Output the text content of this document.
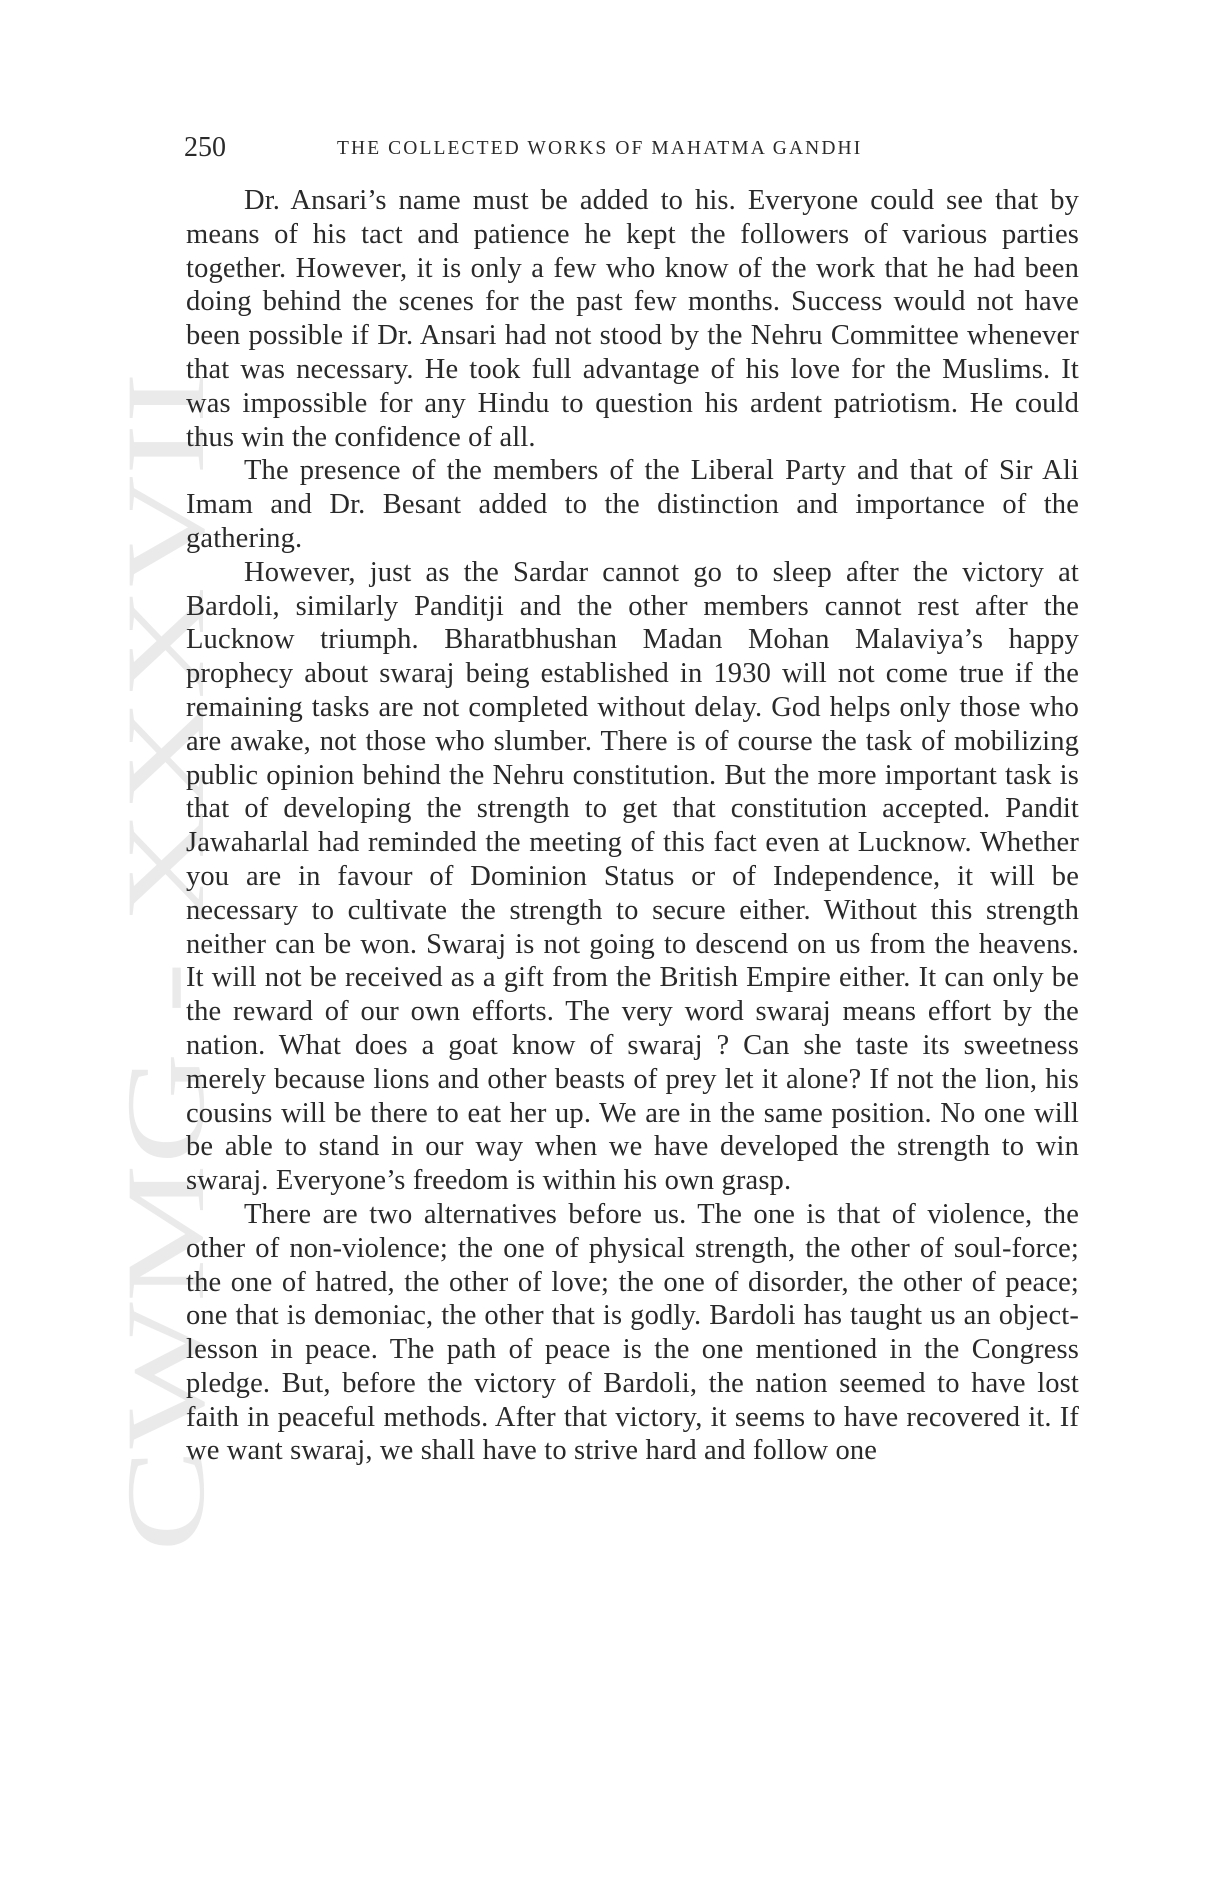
CWMG - XXXVII
250	THE COLLECTED WORKS OF MAHATMA GANDHI

Dr. Ansari’s name must be added to his. Everyone could see that by means of his tact and patience he kept the followers of various parties together. However, it is only a few who know of the work that he had been doing behind the scenes for the past few months. Success would not have been possible if Dr. Ansari had not stood by the Nehru Committee whenever that was necessary. He took full advantage of his love for the Muslims. It was impossible for any Hindu to question his ardent patriotism. He could thus win the confidence of all.

The presence of the members of the Liberal Party and that of Sir Ali Imam and Dr. Besant added to the distinction and importance of the gathering.

However, just as the Sardar cannot go to sleep after the victory at Bardoli, similarly Panditji and the other members cannot rest after the Lucknow triumph. Bharatbhushan Madan Mohan Malaviya’s happy prophecy about swaraj being established in 1930 will not come true if the remaining tasks are not completed without delay. God helps only those who are awake, not those who slumber. There is of course the task of mobilizing public opinion behind the Nehru constitution. But the more important task is that of developing the strength to get that constitution accepted. Pandit Jawaharlal had reminded the meeting of this fact even at Lucknow. Whether you are in favour of Dominion Status or of Independence, it will be necessary to cultivate the strength to secure either. Without this strength neither can be won. Swaraj is not going to descend on us from the heavens. It will not be received as a gift from the British Empire either. It can only be the reward of our own efforts. The very word swaraj means effort by the nation. What does a goat know of swaraj ? Can she taste its sweetness merely because lions and other beasts of prey let it alone? If not the lion, his cousins will be there to eat her up. We are in the same position. No one will be able to stand in our way when we have developed the strength to win swaraj. Everyone’s freedom is within his own grasp.

There are two alternatives before us. The one is that of violence, the other of non-violence; the one of physical strength, the other of soul-force; the one of hatred, the other of love; the one of disorder, the other of peace; one that is demoniac, the other that is godly. Bardoli has taught us an object-lesson in peace. The path of peace is the one mentioned in the Congress pledge. But, before the victory of Bardoli, the nation seemed to have lost faith in peaceful methods. After that victory, it seems to have recovered it. If we want swaraj, we shall have to strive hard and follow one
